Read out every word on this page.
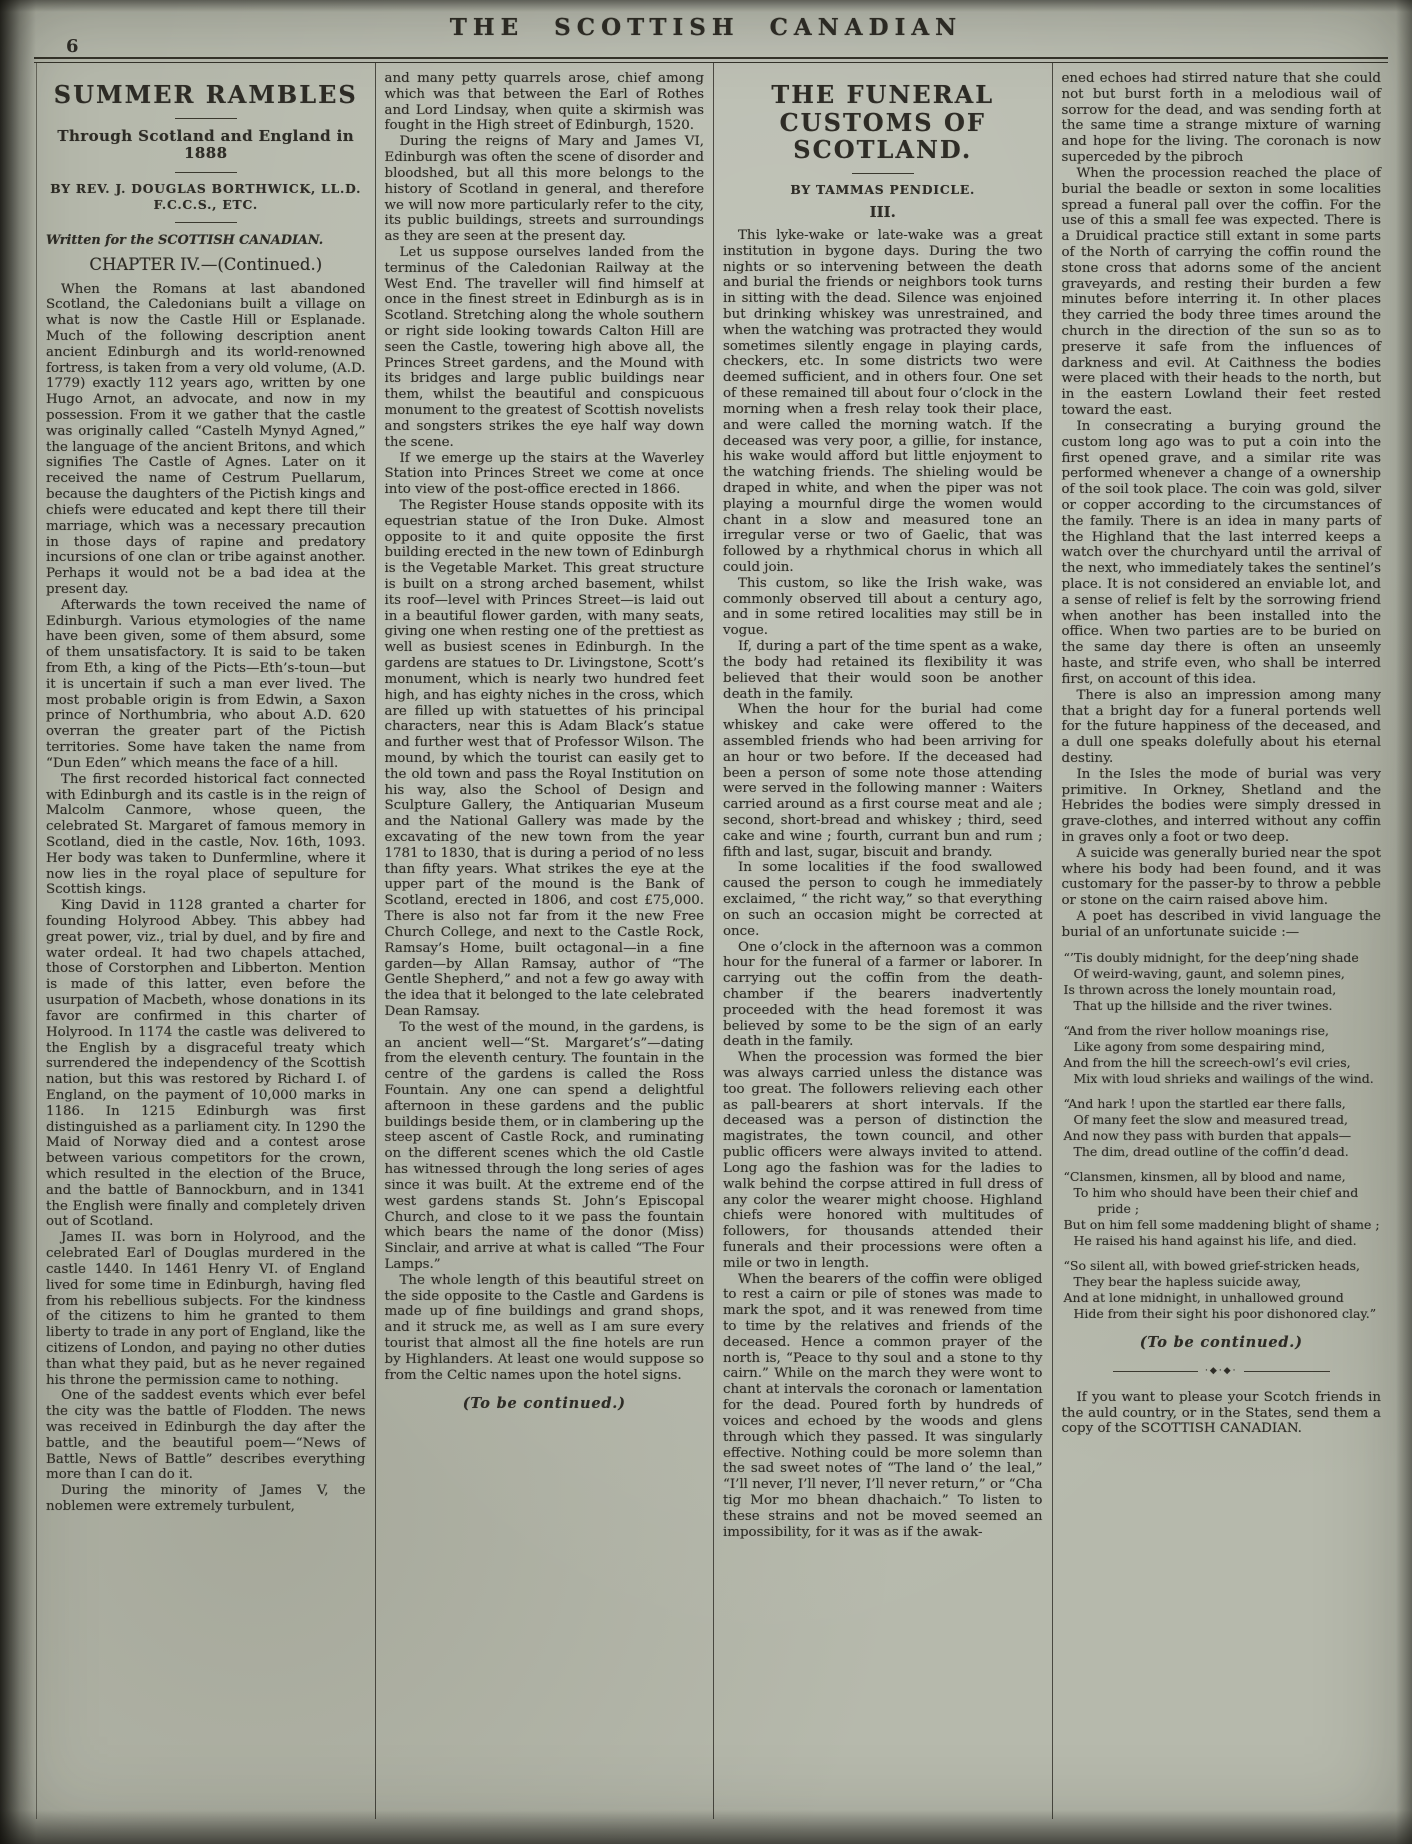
6
THE SCOTTISH CANADIAN
SUMMER RAMBLES
Through Scotland and England in 1888
BY REV. J. DOUGLAS BORTHWICK, LL.D.
F.C.C.S., ETC.
Written for the SCOTTISH CANADIAN.
CHAPTER IV.—(Continued.)
When the Romans at last abandoned Scotland, the Caledonians built a village on what is now the Castle Hill or Esplanade. Much of the following description anent ancient Edinburgh and its world-renowned fortress, is taken from a very old volume, (A.D. 1779) exactly 112 years ago, written by one Hugo Arnot, an advocate, and now in my possession. From it we gather that the castle was originally called “Castelh Mynyd Agned,” the language of the ancient Britons, and which signifies The Castle of Agnes. Later on it received the name of Cestrum Puellarum, because the daughters of the Pictish kings and chiefs were educated and kept there till their marriage, which was a necessary precaution in those days of rapine and predatory incursions of one clan or tribe against another. Perhaps it would not be a bad idea at the present day.
Afterwards the town received the name of Edinburgh. Various etymologies of the name have been given, some of them absurd, some of them unsatisfactory. It is said to be taken from Eth, a king of the Picts—Eth’s-toun—but it is uncertain if such a man ever lived. The most probable origin is from Edwin, a Saxon prince of Northumbria, who about A.D. 620 overran the greater part of the Pictish territories. Some have taken the name from “Dun Eden” which means the face of a hill.
The first recorded historical fact connected with Edinburgh and its castle is in the reign of Malcolm Canmore, whose queen, the celebrated St. Margaret of famous memory in Scotland, died in the castle, Nov. 16th, 1093. Her body was taken to Dunfermline, where it now lies in the royal place of sepulture for Scottish kings.
King David in 1128 granted a charter for founding Holyrood Abbey. This abbey had great power, viz., trial by duel, and by fire and water ordeal. It had two chapels attached, those of Corstorphen and Libberton. Mention is made of this latter, even before the usurpation of Macbeth, whose donations in its favor are confirmed in this charter of Holyrood. In 1174 the castle was delivered to the English by a disgraceful treaty which surrendered the independency of the Scottish nation, but this was restored by Richard I. of England, on the payment of 10,000 marks in 1186. In 1215 Edinburgh was first distinguished as a parliament city. In 1290 the Maid of Norway died and a contest arose between various competitors for the crown, which resulted in the election of the Bruce, and the battle of Bannockburn, and in 1341 the English were finally and completely driven out of Scotland.
James II. was born in Holyrood, and the celebrated Earl of Douglas murdered in the castle 1440. In 1461 Henry VI. of England lived for some time in Edinburgh, having fled from his rebellious subjects. For the kindness of the citizens to him he granted to them liberty to trade in any port of England, like the citizens of London, and paying no other duties than what they paid, but as he never regained his throne the permission came to nothing.
One of the saddest events which ever befel the city was the battle of Flodden. The news was received in Edinburgh the day after the battle, and the beautiful poem—“News of Battle, News of Battle” describes everything more than I can do it.
During the minority of James V, the noblemen were extremely turbulent,
and many petty quarrels arose, chief among which was that between the Earl of Rothes and Lord Lindsay, when quite a skirmish was fought in the High street of Edinburgh, 1520.
During the reigns of Mary and James VI, Edinburgh was often the scene of disorder and bloodshed, but all this more belongs to the history of Scotland in general, and therefore we will now more particularly refer to the city, its public buildings, streets and surroundings as they are seen at the present day.
Let us suppose ourselves landed from the terminus of the Caledonian Railway at the West End. The traveller will find himself at once in the finest street in Edinburgh as is in Scotland. Stretching along the whole southern or right side looking towards Calton Hill are seen the Castle, towering high above all, the Princes Street gardens, and the Mound with its bridges and large public buildings near them, whilst the beautiful and conspicuous monument to the greatest of Scottish novelists and songsters strikes the eye half way down the scene.
If we emerge up the stairs at the Waverley Station into Princes Street we come at once into view of the post-office erected in 1866.
The Register House stands opposite with its equestrian statue of the Iron Duke. Almost opposite to it and quite opposite the first building erected in the new town of Edinburgh is the Vegetable Market. This great structure is built on a strong arched basement, whilst its roof—level with Princes Street—is laid out in a beautiful flower garden, with many seats, giving one when resting one of the prettiest as well as busiest scenes in Edinburgh. In the gardens are statues to Dr. Livingstone, Scott’s monument, which is nearly two hundred feet high, and has eighty niches in the cross, which are filled up with statuettes of his principal characters, near this is Adam Black’s statue and further west that of Professor Wilson. The mound, by which the tourist can easily get to the old town and pass the Royal Institution on his way, also the School of Design and Sculpture Gallery, the Antiquarian Museum and the National Gallery was made by the excavating of the new town from the year 1781 to 1830, that is during a period of no less than fifty years. What strikes the eye at the upper part of the mound is the Bank of Scotland, erected in 1806, and cost £75,000. There is also not far from it the new Free Church College, and next to the Castle Rock, Ramsay’s Home, built octagonal—in a fine garden—by Allan Ramsay, author of “The Gentle Shepherd,” and not a few go away with the idea that it belonged to the late celebrated Dean Ramsay.
To the west of the mound, in the gardens, is an ancient well—“St. Margaret’s”—dating from the eleventh century. The fountain in the centre of the gardens is called the Ross Fountain. Any one can spend a delightful afternoon in these gardens and the public buildings beside them, or in clambering up the steep ascent of Castle Rock, and ruminating on the different scenes which the old Castle has witnessed through the long series of ages since it was built. At the extreme end of the west gardens stands St. John’s Episcopal Church, and close to it we pass the fountain which bears the name of the donor (Miss) Sinclair, and arrive at what is called “The Four Lamps.”
The whole length of this beautiful street on the side opposite to the Castle and Gardens is made up of fine buildings and grand shops, and it struck me, as well as I am sure every tourist that almost all the fine hotels are run by Highlanders. At least one would suppose so from the Celtic names upon the hotel signs.
(To be continued.)
THE FUNERAL CUSTOMS OF SCOTLAND.
BY TAMMAS PENDICLE.
III.
This lyke-wake or late-wake was a great institution in bygone days. During the two nights or so intervening between the death and burial the friends or neighbors took turns in sitting with the dead. Silence was enjoined but drinking whiskey was unrestrained, and when the watching was protracted they would sometimes silently engage in playing cards, checkers, etc. In some districts two were deemed sufficient, and in others four. One set of these remained till about four o’clock in the morning when a fresh relay took their place, and were called the morning watch. If the deceased was very poor, a gillie, for instance, his wake would afford but little enjoyment to the watching friends. The shieling would be draped in white, and when the piper was not playing a mournful dirge the women would chant in a slow and measured tone an irregular verse or two of Gaelic, that was followed by a rhythmical chorus in which all could join.
This custom, so like the Irish wake, was commonly observed till about a century ago, and in some retired localities may still be in vogue.
If, during a part of the time spent as a wake, the body had retained its flexibility it was believed that their would soon be another death in the family.
When the hour for the burial had come whiskey and cake were offered to the assembled friends who had been arriving for an hour or two before. If the deceased had been a person of some note those attending were served in the following manner : Waiters carried around as a first course meat and ale ; second, short-bread and whiskey ; third, seed cake and wine ; fourth, currant bun and rum ; fifth and last, sugar, biscuit and brandy.
In some localities if the food swallowed caused the person to cough he immediately exclaimed, “ the richt way,” so that everything on such an occasion might be corrected at once.
One o’clock in the afternoon was a common hour for the funeral of a farmer or laborer. In carrying out the coffin from the death-chamber if the bearers inadvertently proceeded with the head foremost it was believed by some to be the sign of an early death in the family.
When the procession was formed the bier was always carried unless the distance was too great. The followers relieving each other as pall-bearers at short intervals. If the deceased was a person of distinction the magistrates, the town council, and other public officers were always invited to attend. Long ago the fashion was for the ladies to walk behind the corpse attired in full dress of any color the wearer might choose. Highland chiefs were honored with multitudes of followers, for thousands attended their funerals and their processions were often a mile or two in length.
When the bearers of the coffin were obliged to rest a cairn or pile of stones was made to mark the spot, and it was renewed from time to time by the relatives and friends of the deceased. Hence a common prayer of the north is, “Peace to thy soul and a stone to thy cairn.” While on the march they were wont to chant at intervals the coronach or lamentation for the dead. Poured forth by hundreds of voices and echoed by the woods and glens through which they passed. It was singularly effective. Nothing could be more solemn than the sad sweet notes of “The land o’ the leal,” “I’ll never, I’ll never, I’ll never return,” or “Cha tig Mor mo bhean dhachaich.” To listen to these strains and not be moved seemed an impossibility, for it was as if the awak-
ened echoes had stirred nature that she could not but burst forth in a melodious wail of sorrow for the dead, and was sending forth at the same time a strange mixture of warning and hope for the living. The coronach is now superceded by the pibroch
When the procession reached the place of burial the beadle or sexton in some localities spread a funeral pall over the coffin. For the use of this a small fee was expected. There is a Druidical practice still extant in some parts of the North of carrying the coffin round the stone cross that adorns some of the ancient graveyards, and resting their burden a few minutes before interring it. In other places they carried the body three times around the church in the direction of the sun so as to preserve it safe from the influences of darkness and evil. At Caithness the bodies were placed with their heads to the north, but in the eastern Lowland their feet rested toward the east.
In consecrating a burying ground the custom long ago was to put a coin into the first opened grave, and a similar rite was performed whenever a change of a ownership of the soil took place. The coin was gold, silver or copper according to the circumstances of the family. There is an idea in many parts of the Highland that the last interred keeps a watch over the churchyard until the arrival of the next, who immediately takes the sentinel’s place. It is not considered an enviable lot, and a sense of relief is felt by the sorrowing friend when another has been installed into the office. When two parties are to be buried on the same day there is often an unseemly haste, and strife even, who shall be interred first, on account of this idea.
There is also an impression among many that a bright day for a funeral portends well for the future happiness of the deceased, and a dull one speaks dolefully about his eternal destiny.
In the Isles the mode of burial was very primitive. In Orkney, Shetland and the Hebrides the bodies were simply dressed in grave-clothes, and interred without any coffin in graves only a foot or two deep.
A suicide was generally buried near the spot where his body had been found, and it was customary for the passer-by to throw a pebble or stone on the cairn raised above him.
A poet has described in vivid language the burial of an unfortunate suicide :—
“’Tis doubly midnight, for the deep’ning shade
Of weird-waving, gaunt, and solemn pines,
Is thrown across the lonely mountain road,
That up the hillside and the river twines.
“And from the river hollow moanings rise,
Like agony from some despairing mind,
And from the hill the screech-owl’s evil cries,
Mix with loud shrieks and wailings of the wind.
“And hark ! upon the startled ear there falls,
Of many feet the slow and measured tread,
And now they pass with burden that appals—
The dim, dread outline of the coffin’d dead.
“Clansmen, kinsmen, all by blood and name,
To him who should have been their chief and pride ;
But on him fell some maddening blight of shame ;
He raised his hand against his life, and died.
“So silent all, with bowed grief-stricken heads,
They bear the hapless suicide away,
And at lone midnight, in unhallowed ground
Hide from their sight his poor dishonored clay.”
(To be continued.)
·◆·◆·
If you want to please your Scotch friends in the auld country, or in the States, send them a copy of the SCOTTISH CANADIAN.
